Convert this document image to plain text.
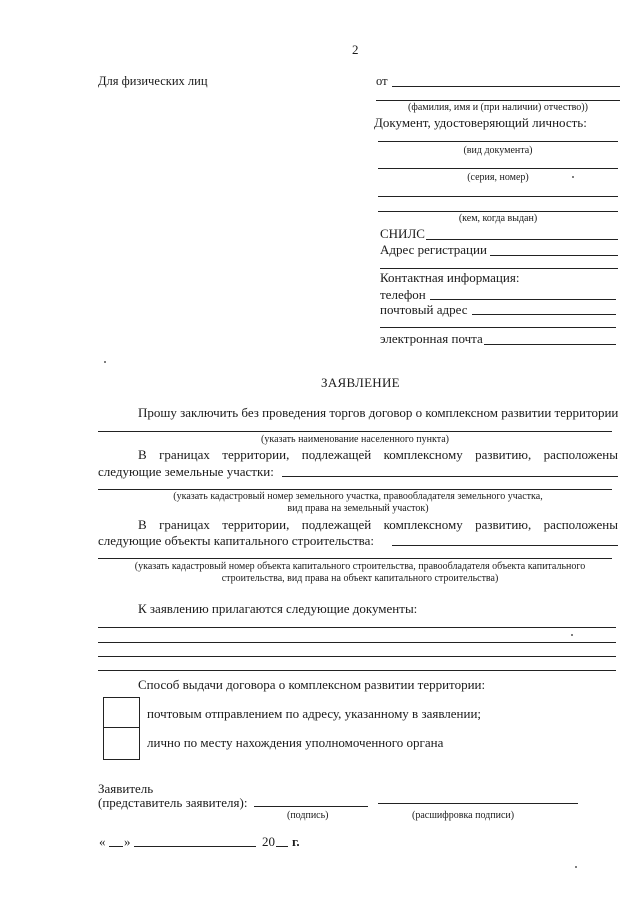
2
Для физических лиц	от
(фамилия, имя и (при наличии) отчество))
Документ, удостоверяющий личность:
(вид документа)
(серия, номер)
(кем, когда выдан)
СНИЛС
Адрес регистрации
Контактная информация:
телефон
почтовый адрес
электронная почта
ЗАЯВЛЕНИЕ
Прошу заключить без проведения торгов договор о комплексном развитии территории
(указать наименование населенного пункта)
В границах территории, подлежащей комплексному развитию, расположены
следующие земельные участки:
(указать кадастровый номер земельного участка, правообладателя земельного участка,
вид права на земельный участок)
В границах территории, подлежащей комплексному развитию, расположены
следующие объекты капитального строительства:
(указать кадастровый номер объекта капитального строительства, правообладателя объекта капитального
строительства, вид права на объект капитального строительства)
К заявлению прилагаются следующие документы:
Способ выдачи договора о комплексном развитии территории:
почтовым отправлением по адресу, указанному в заявлении;
лично по месту нахождения уполномоченного органа
Заявитель
(представитель заявителя):
(подпись)	(расшифровка подписи)
« »	20 г.
